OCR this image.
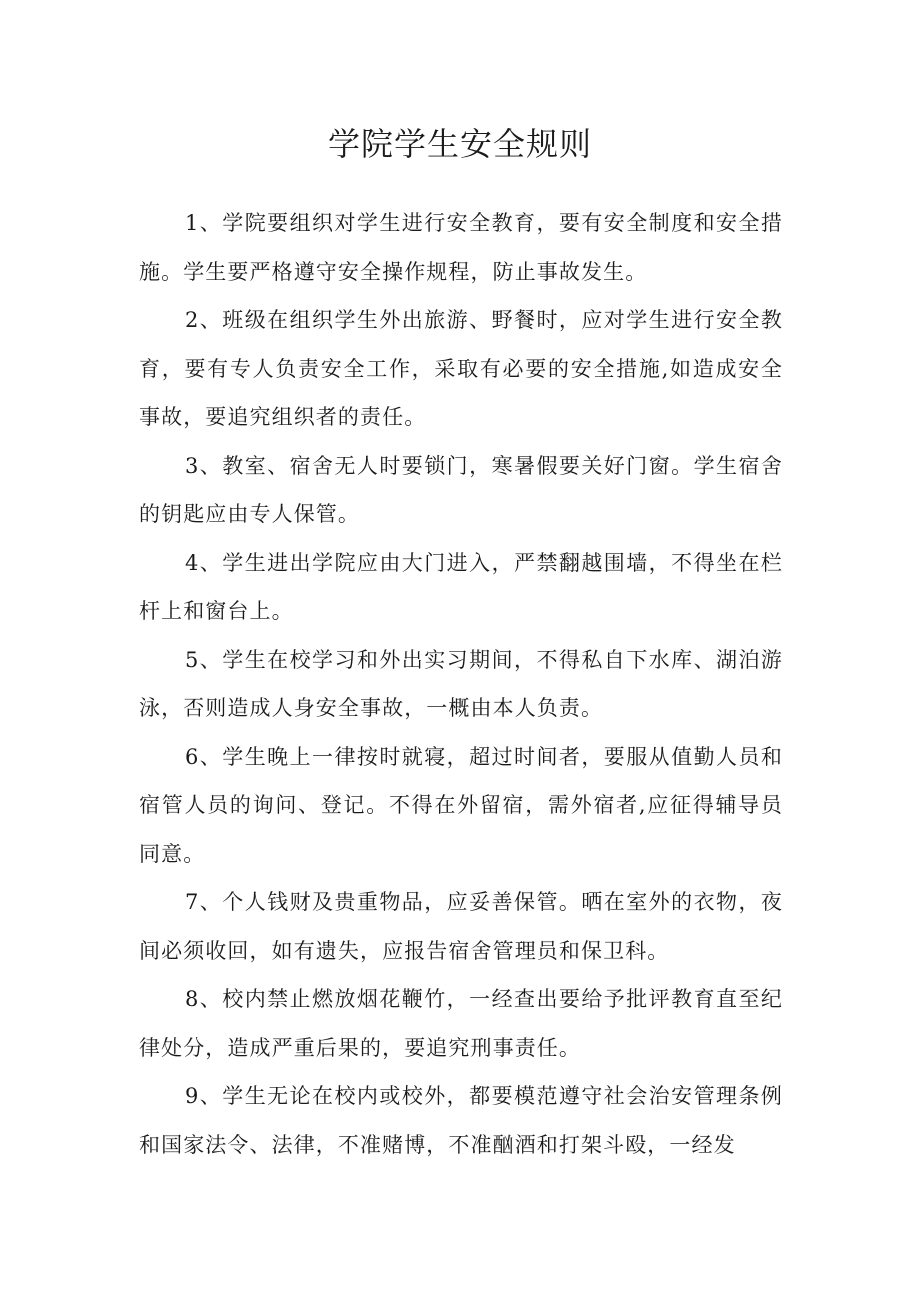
学院学生安全规则

1、学院要组织对学生进行安全教育，要有安全制度和安全措施。学生要严格遵守安全操作规程，防止事故发生。

2、班级在组织学生外出旅游、野餐时，应对学生进行安全教育，要有专人负责安全工作，采取有必要的安全措施,如造成安全事故，要追究组织者的责任。

3、教室、宿舍无人时要锁门，寒暑假要关好门窗。学生宿舍的钥匙应由专人保管。

4、学生进出学院应由大门进入，严禁翻越围墙，不得坐在栏杆上和窗台上。

5、学生在校学习和外出实习期间，不得私自下水库、湖泊游泳，否则造成人身安全事故，一概由本人负责。

6、学生晚上一律按时就寝，超过时间者，要服从值勤人员和宿管人员的询问、登记。不得在外留宿，需外宿者,应征得辅导员同意。

7、个人钱财及贵重物品，应妥善保管。晒在室外的衣物，夜间必须收回，如有遗失，应报告宿舍管理员和保卫科。

8、校内禁止燃放烟花鞭竹，一经查出要给予批评教育直至纪律处分，造成严重后果的，要追究刑事责任。

9、学生无论在校内或校外，都要模范遵守社会治安管理条例和国家法令、法律，不准赌博，不准酗酒和打架斗殴，一经发
